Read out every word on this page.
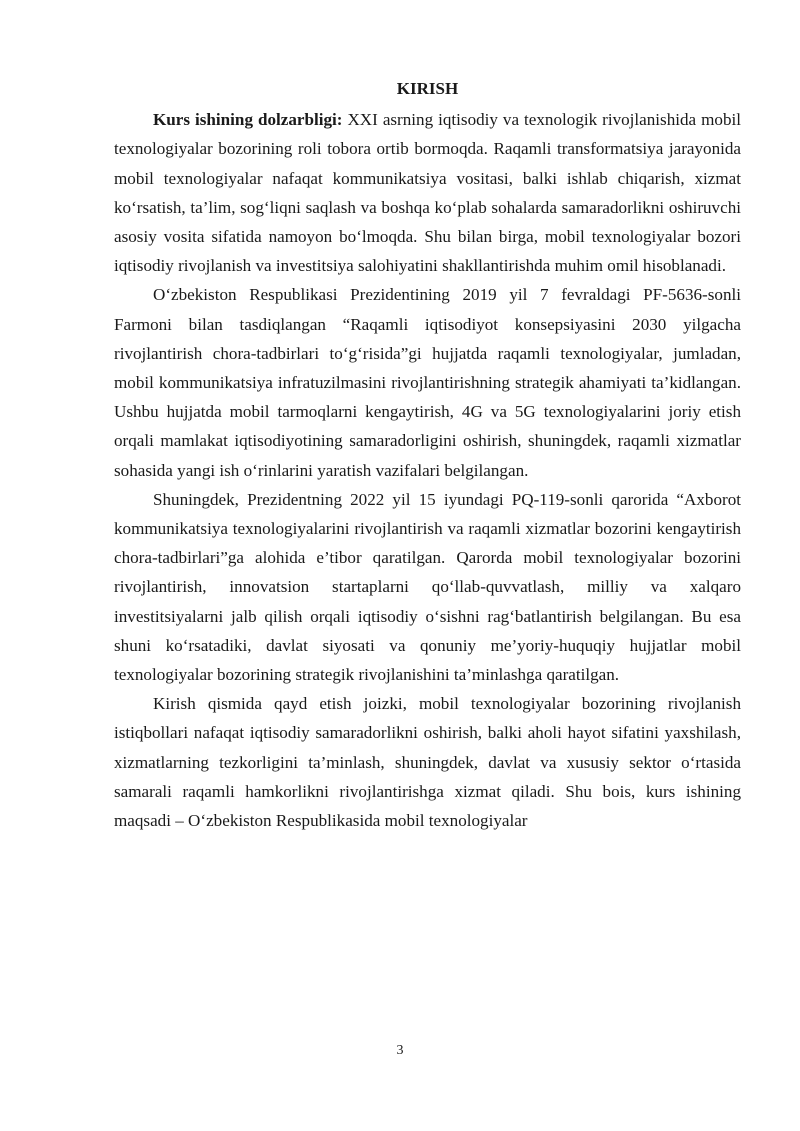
KIRISH

Kurs ishining dolzarbligi: XXI asrning iqtisodiy va texnologik rivojlanishida mobil texnologiyalar bozorining roli tobora ortib bormoqda. Raqamli transformatsiya jarayonida mobil texnologiyalar nafaqat kommunikatsiya vositasi, balki ishlab chiqarish, xizmat ko‘rsatish, ta’lim, sog‘liqni saqlash va boshqa ko‘plab sohalarda samaradorlikni oshiruvchi asosiy vosita sifatida namoyon bo‘lmoqda. Shu bilan birga, mobil texnologiyalar bozori iqtisodiy rivojlanish va investitsiya salohiyatini shakllantirishda muhim omil hisoblanadi.

O‘zbekiston Respublikasi Prezidentining 2019 yil 7 fevraldagi PF-5636-sonli Farmoni bilan tasdiqlangan “Raqamli iqtisodiyot konsepsiyasini 2030 yilgacha rivojlantirish chora-tadbirlari to‘g‘risida”gi hujjatda raqamli texnologiyalar, jumladan, mobil kommunikatsiya infratuzilmasini rivojlantirishning strategik ahamiyati ta’kidlangan. Ushbu hujjatda mobil tarmoqlarni kengaytirish, 4G va 5G texnologiyalarini joriy etish orqali mamlakat iqtisodiyotining samaradorligini oshirish, shuningdek, raqamli xizmatlar sohasida yangi ish o‘rinlarini yaratish vazifalari belgilangan.

Shuningdek, Prezidentning 2022 yil 15 iyundagi PQ-119-sonli qarorida “Axborot kommunikatsiya texnologiyalarini rivojlantirish va raqamli xizmatlar bozorini kengaytirish chora-tadbirlari”ga alohida e’tibor qaratilgan. Qarorda mobil texnologiyalar bozorini rivojlantirish, innovatsion startaplarni qo‘llab-quvvatlash, milliy va xalqaro investitsiyalarni jalb qilish orqali iqtisodiy o‘sishni rag‘batlantirish belgilangan. Bu esa shuni ko‘rsatadiki, davlat siyosati va qonuniy me’yoriy-huquqiy hujjatlar mobil texnologiyalar bozorining strategik rivojlanishini ta’minlashga qaratilgan.

Kirish qismida qayd etish joizki, mobil texnologiyalar bozorining rivojlanish istiqbollari nafaqat iqtisodiy samaradorlikni oshirish, balki aholi hayot sifatini yaxshilash, xizmatlarning tezkorligini ta’minlash, shuningdek, davlat va xususiy sektor o‘rtasida samarali raqamli hamkorlikni rivojlantirishga xizmat qiladi. Shu bois, kurs ishining maqsadi – O‘zbekiston Respublikasida mobil texnologiyalar

3
